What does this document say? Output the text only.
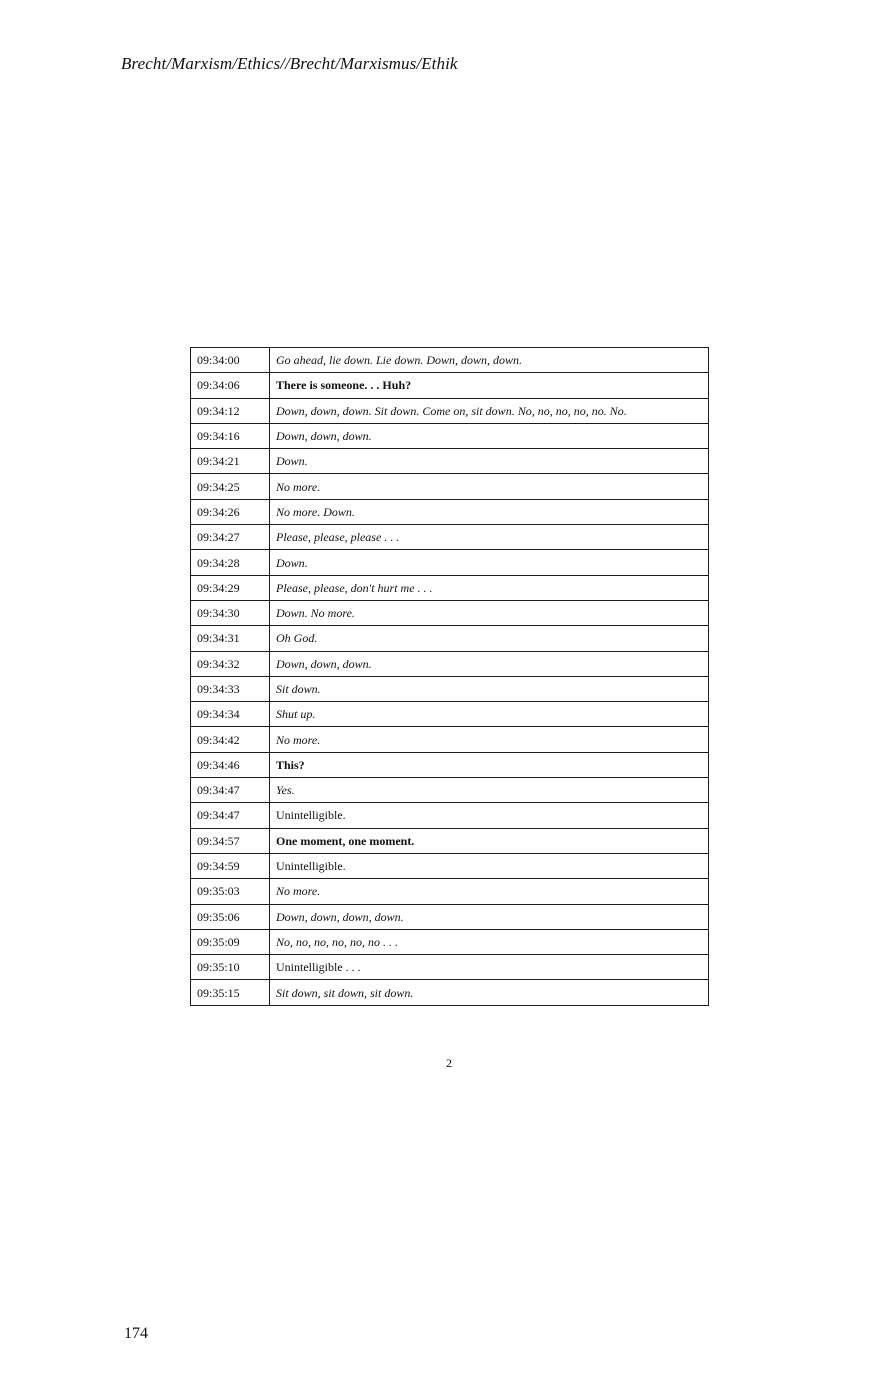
Brecht/Marxism/Ethics//Brecht/Marxismus/Ethik
09:34:00	Go ahead, lie down. Lie down. Down, down, down.
09:34:06	There is someone. . . Huh?
09:34:12	Down, down, down. Sit down. Come on, sit down. No, no, no, no, no. No.
09:34:16	Down, down, down.
09:34:21	Down.
09:34:25	No more.
09:34:26	No more. Down.
09:34:27	Please, please, please . . .
09:34:28	Down.
09:34:29	Please, please, don't hurt me . . .
09:34:30	Down. No more.
09:34:31	Oh God.
09:34:32	Down, down, down.
09:34:33	Sit down.
09:34:34	Shut up.
09:34:42	No more.
09:34:46	This?
09:34:47	Yes.
09:34:47	Unintelligible.
09:34:57	One moment, one moment.
09:34:59	Unintelligible.
09:35:03	No more.
09:35:06	Down, down, down, down.
09:35:09	No, no, no, no, no, no . . .
09:35:10	Unintelligible . . .
09:35:15	Sit down, sit down, sit down.
2
174
